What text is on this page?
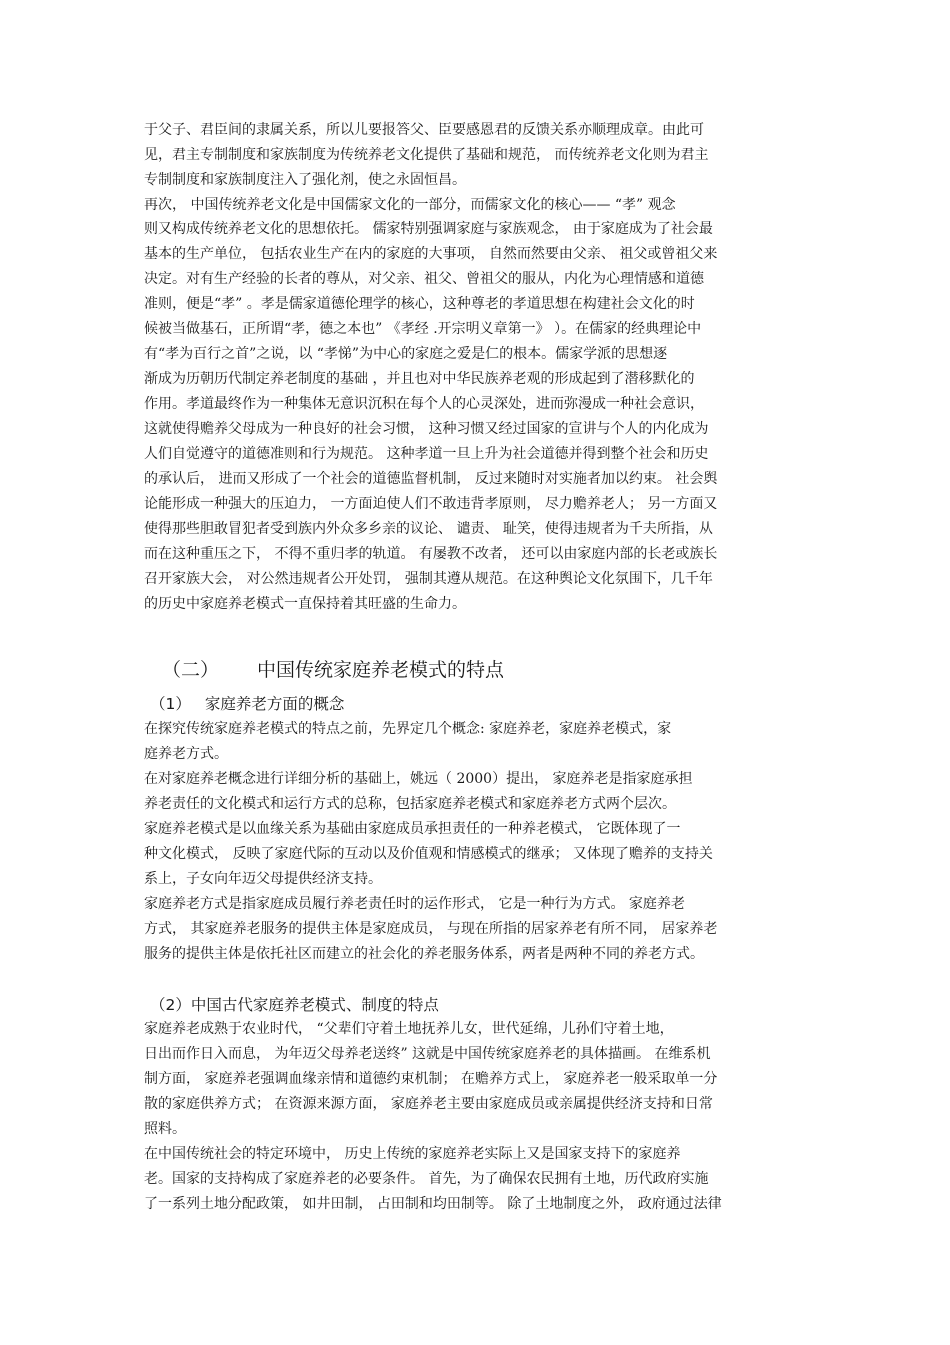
于父子、君臣间的隶属关系，所以儿要报答父、臣要感恩君的反馈关系亦顺理成章。由此可
见，君主专制制度和家族制度为传统养老文化提供了基础和规范， 而传统养老文化则为君主
专制制度和家族制度注入了强化剂，使之永固恒昌。
再次， 中国传统养老文化是中国儒家文化的一部分，而儒家文化的核心—— “孝” 观念
则又构成传统养老文化的思想依托。 儒家特别强调家庭与家族观念， 由于家庭成为了社会最
基本的生产单位， 包括农业生产在内的家庭的大事项， 自然而然要由父亲、 祖父或曾祖父来
决定。对有生产经验的长者的尊从，对父亲、祖父、曾祖父的服从，内化为心理情感和道德
准则，便是“孝” 。孝是儒家道德伦理学的核心，这种尊老的孝道思想在构建社会文化的时
候被当做基石，正所谓“孝，德之本也” 《孝经 .开宗明义章第一》 ）。在儒家的经典理论中
有“孝为百行之首”之说，以 “孝悌”为中心的家庭之爱是仁的根本。儒家学派的思想逐
渐成为历朝历代制定养老制度的基础 ，并且也对中华民族养老观的形成起到了潜移默化的
作用。孝道最终作为一种集体无意识沉积在每个人的心灵深处，进而弥漫成一种社会意识，
这就使得赡养父母成为一种良好的社会习惯， 这种习惯又经过国家的宣讲与个人的内化成为
人们自觉遵守的道德准则和行为规范。 这种孝道一旦上升为社会道德并得到整个社会和历史
的承认后， 进而又形成了一个社会的道德监督机制， 反过来随时对实施者加以约束。 社会舆
论能形成一种强大的压迫力， 一方面迫使人们不敢违背孝原则， 尽力赡养老人； 另一方面又
使得那些胆敢冒犯者受到族内外众多乡亲的议论、 谴责、 耻笑，使得违规者为千夫所指，从
而在这种重压之下， 不得不重归孝的轨道。 有屡教不改者， 还可以由家庭内部的长老或族长
召开家族大会， 对公然违规者公开处罚， 强制其遵从规范。在这种舆论文化氛围下，几千年
的历史中家庭养老模式一直保持着其旺盛的生命力。
（二） 中国传统家庭养老模式的特点
（1） 家庭养老方面的概念
在探究传统家庭养老模式的特点之前，先界定几个概念: 家庭养老，家庭养老模式，家
庭养老方式。
在对家庭养老概念进行详细分析的基础上，姚远（ 2000）提出， 家庭养老是指家庭承担
养老责任的文化模式和运行方式的总称，包括家庭养老模式和家庭养老方式两个层次。
家庭养老模式是以血缘关系为基础由家庭成员承担责任的一种养老模式， 它既体现了一
种文化模式， 反映了家庭代际的互动以及价值观和情感模式的继承； 又体现了赡养的支持关
系上，子女向年迈父母提供经济支持。
家庭养老方式是指家庭成员履行养老责任时的运作形式， 它是一种行为方式。 家庭养老
方式， 其家庭养老服务的提供主体是家庭成员， 与现在所指的居家养老有所不同， 居家养老
服务的提供主体是依托社区而建立的社会化的养老服务体系，两者是两种不同的养老方式。
（2）中国古代家庭养老模式、制度的特点
家庭养老成熟于农业时代， “父辈们守着土地抚养儿女，世代延绵，儿孙们守着土地，
日出而作日入而息， 为年迈父母养老送终” 这就是中国传统家庭养老的具体描画。 在维系机
制方面， 家庭养老强调血缘亲情和道德约束机制； 在赡养方式上， 家庭养老一般采取单一分
散的家庭供养方式； 在资源来源方面， 家庭养老主要由家庭成员或亲属提供经济支持和日常
照料。
在中国传统社会的特定环境中， 历史上传统的家庭养老实际上又是国家支持下的家庭养
老。国家的支持构成了家庭养老的必要条件。 首先，为了确保农民拥有土地，历代政府实施
了一系列土地分配政策， 如井田制， 占田制和均田制等。 除了土地制度之外， 政府通过法律
